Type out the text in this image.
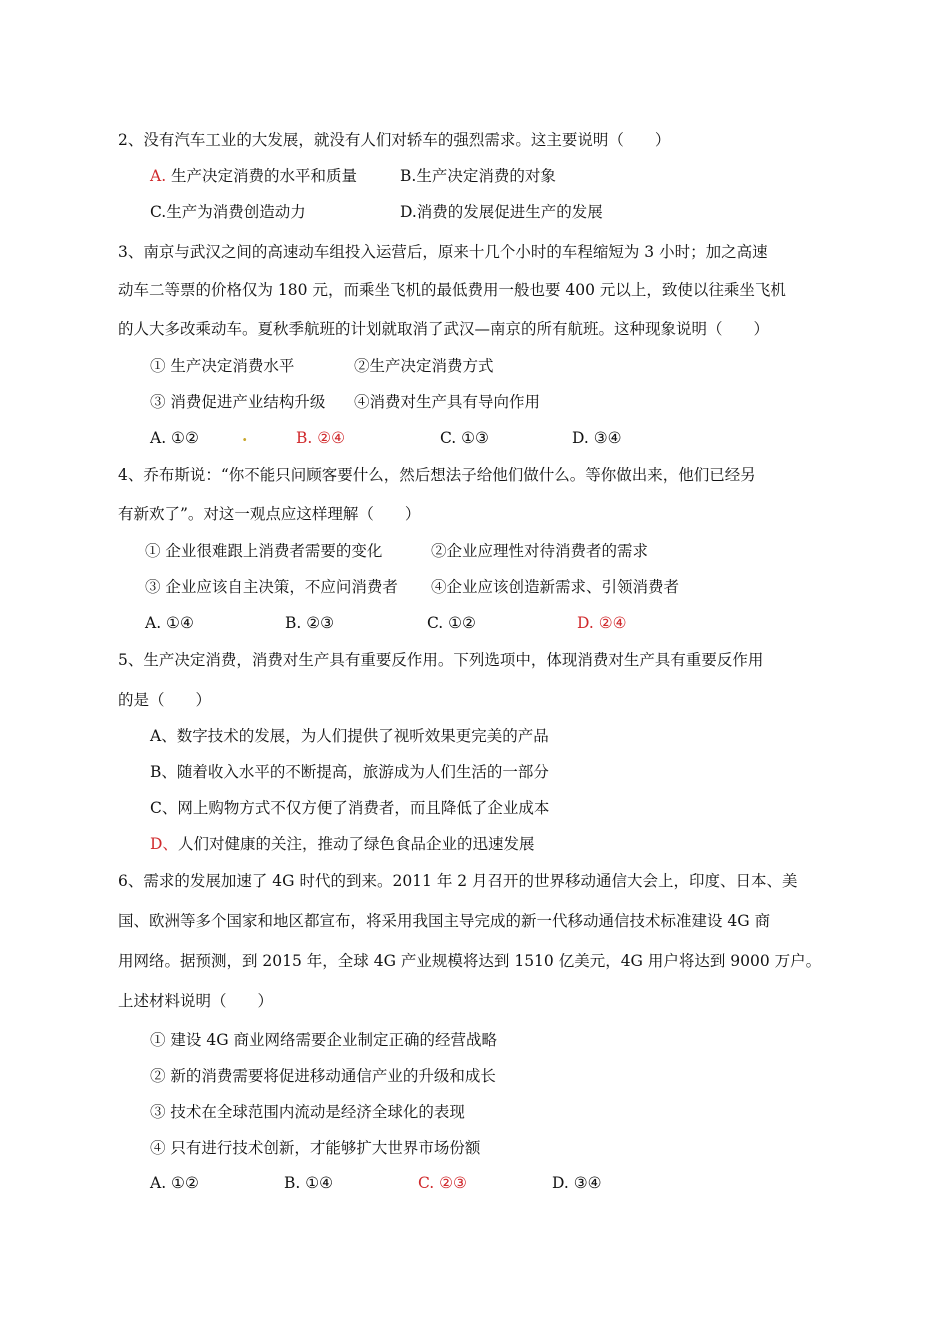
2、没有汽车工业的大发展，就没有人们对轿车的强烈需求。这主要说明（　　）
A. 生产决定消费的水平和质量	B.生产决定消费的对象
C.生产为消费创造动力	D.消费的发展促进生产的发展
3、南京与武汉之间的高速动车组投入运营后，原来十几个小时的车程缩短为 3 小时；加之高速
动车二等票的价格仅为 180 元，而乘坐飞机的最低费用一般也要 400 元以上，致使以往乘坐飞机
的人大多改乘动车。夏秋季航班的计划就取消了武汉—南京的所有航班。这种现象说明（　　）
① 生产决定消费水平	②生产决定消费方式
③ 消费促进产业结构升级 ④消费对生产具有导向作用
A. ①②	.	B. ②④	C. ①③	D. ③④
4、乔布斯说：“你不能只问顾客要什么，然后想法子给他们做什么。等你做出来，他们已经另
有新欢了”。对这一观点应这样理解（　　）
① 企业很难跟上消费者需要的变化	②企业应理性对待消费者的需求
③ 企业应该自主决策，不应问消费者 ④企业应该创造新需求、引领消费者
A. ①④	B. ②③	C. ①②	D. ②④
5、生产决定消费，消费对生产具有重要反作用。下列选项中，体现消费对生产具有重要反作用
的是（　　）
A、数字技术的发展，为人们提供了视听效果更完美的产品
B、随着收入水平的不断提高，旅游成为人们生活的一部分
C、网上购物方式不仅方便了消费者，而且降低了企业成本
D、人们对健康的关注，推动了绿色食品企业的迅速发展
6、需求的发展加速了 4G 时代的到来。2011 年 2 月召开的世界移动通信大会上，印度、日本、美
国、欧洲等多个国家和地区都宣布，将采用我国主导完成的新一代移动通信技术标准建设 4G 商
用网络。据预测，到 2015 年，全球 4G 产业规模将达到 1510 亿美元，4G 用户将达到 9000 万户。
上述材料说明（　　）
① 建设 4G 商业网络需要企业制定正确的经营战略
② 新的消费需要将促进移动通信产业的升级和成长
③ 技术在全球范围内流动是经济全球化的表现
④ 只有进行技术创新，才能够扩大世界市场份额
A. ①②	B. ①④	C. ②③	D. ③④
